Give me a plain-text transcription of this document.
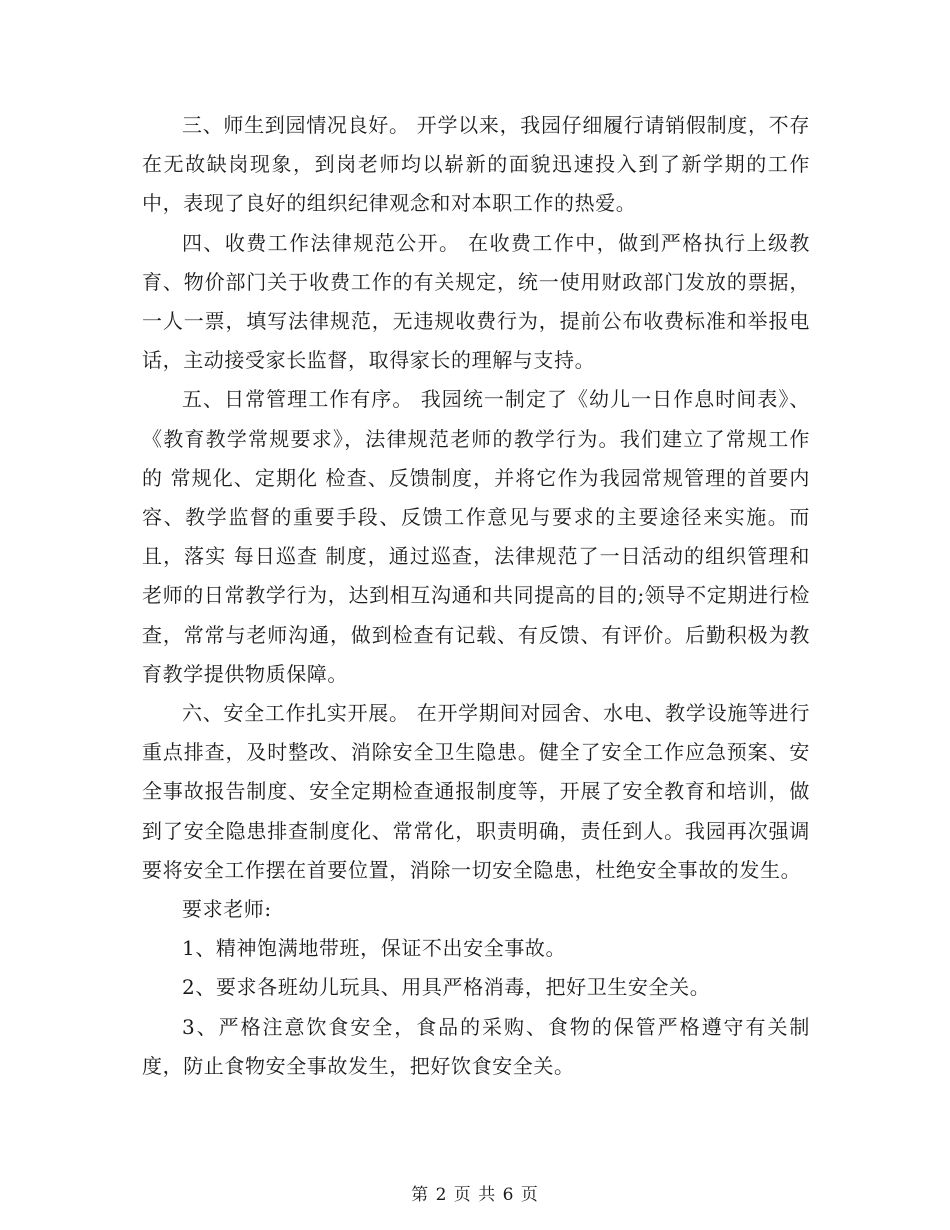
三、师生到园情况良好。 开学以来，我园仔细履行请销假制度，不存在无故缺岗现象，到岗老师均以崭新的面貌迅速投入到了新学期的工作中，表现了良好的组织纪律观念和对本职工作的热爱。

四、收费工作法律规范公开。 在收费工作中，做到严格执行上级教育、物价部门关于收费工作的有关规定，统一使用财政部门发放的票据，一人一票，填写法律规范，无违规收费行为，提前公布收费标准和举报电话，主动接受家长监督，取得家长的理解与支持。

五、日常管理工作有序。 我园统一制定了《幼儿一日作息时间表》、《教育教学常规要求》，法律规范老师的教学行为。我们建立了常规工作的 常规化、定期化 检查、反馈制度，并将它作为我园常规管理的首要内容、教学监督的重要手段、反馈工作意见与要求的主要途径来实施。而且，落实 每日巡查 制度，通过巡查，法律规范了一日活动的组织管理和老师的日常教学行为，达到相互沟通和共同提高的目的;领导不定期进行检查，常常与老师沟通，做到检查有记载、有反馈、有评价。后勤积极为教育教学提供物质保障。

六、安全工作扎实开展。 在开学期间对园舍、水电、教学设施等进行重点排查，及时整改、消除安全卫生隐患。健全了安全工作应急预案、安全事故报告制度、安全定期检查通报制度等，开展了安全教育和培训，做到了安全隐患排查制度化、常常化，职责明确，责任到人。我园再次强调要将安全工作摆在首要位置，消除一切安全隐患，杜绝安全事故的发生。

要求老师:

1、精神饱满地带班，保证不出安全事故。

2、要求各班幼儿玩具、用具严格消毒，把好卫生安全关。

3、严格注意饮食安全，食品的采购、食物的保管严格遵守有关制度，防止食物安全事故发生，把好饮食安全关。

第 2 页 共 6 页
